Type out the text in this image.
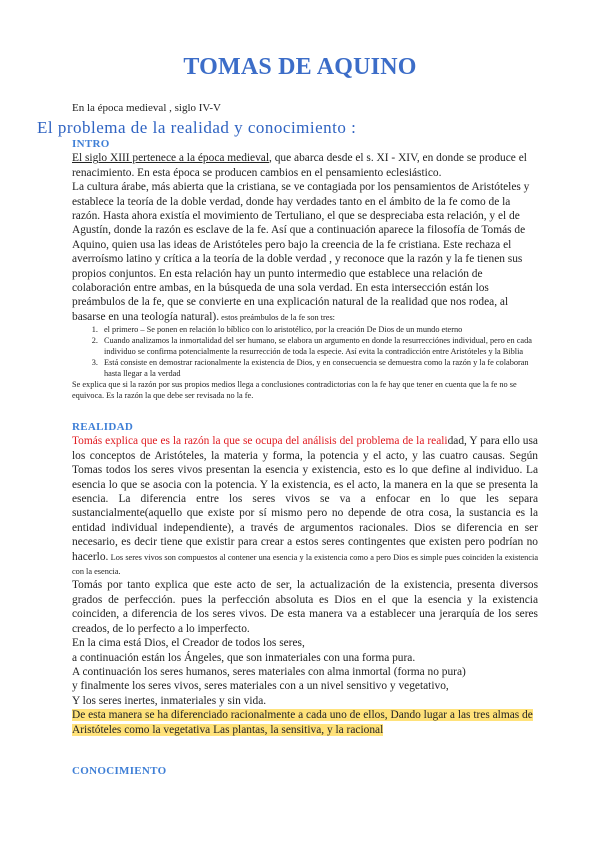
TOMAS DE AQUINO
En la época medieval , siglo IV-V
El problema de la realidad y conocimiento :
INTRO

El siglo XIII pertenece a la época medieval, que abarca desde el s. XI - XIV, en donde se produce el renacimiento. En esta época se producen cambios en el pensamiento eclesiástico.

La cultura árabe, más abierta que la cristiana, se ve contagiada por los pensamientos de Aristóteles y establece la teoría de la doble verdad, donde hay verdades tanto en el ámbito de la fe como de la razón. Hasta ahora existía el movimiento de Tertuliano, el que se despreciaba esta relación, y el de Agustín, donde la razón es esclave de la fe. Así que a continuación aparece la filosofía de Tomás de Aquino, quien usa las ideas de Aristóteles pero bajo la creencia de la fe cristiana. Este rechaza el averroísmo latino y crítica a la teoría de la doble verdad , y reconoce que la razón y la fe tienen sus propios conjuntos. En esta relación hay un punto intermedio que establece una relación de colaboración entre ambas, en la búsqueda de una sola verdad. En esta intersección están los preámbulos de la fe, que se convierte en una explicación natural de la realidad que nos rodea, al basarse en una teología natural). estos preámbulos de la fe son tres:

1. el primero – Se ponen en relación lo bíblico con lo aristotélico, por la creación De Dios de un mundo eterno
2. Cuando analizamos la inmortalidad del ser humano, se elabora un argumento en donde la resurrecciónes individual, pero en cada individuo se confirma potencialmente la resurrección de toda la especie. Así evita la contradicción entre Aristóteles y la Biblia
3. Está consiste en demostrar racionalmente la existencia de Dios, y en consecuencia se demuestra como la razón y la fe colaboran hasta llegar a la verdad

Se explica que si la razón por sus propios medios llega a conclusiones contradictorias con la fe hay que tener en cuenta que la fe no se equivoca. Es la razón la que debe ser revisada no la fe.

REALIDAD

Tomás explica que es la razón la que se ocupa del análisis del problema de la realidad, Y para ello usa los conceptos de Aristóteles, la materia y forma, la potencia y el acto, y las cuatro causas. Según Tomas todos los seres vivos presentan la esencia y existencia, esto es lo que define al individuo. La esencia lo que se asocia con la potencia. Y la existencia, es el acto, la manera en la que se presenta la esencia. La diferencia entre los seres vivos se va a enfocar en lo que les separa sustancialmente(aquello que existe por sí mismo pero no depende de otra cosa, la sustancia es la entidad individual independiente), a través de argumentos racionales. Dios se diferencia en ser necesario, es decir tiene que existir para crear a estos seres contingentes que existen pero podrían no hacerlo. Los seres vivos son compuestos al contener una esencia y la existencia como a pero Dios es simple pues coinciden la existencia con la esencia.

Tomás por tanto explica que este acto de ser, la actualización de la existencia, presenta diversos grados de perfección. pues la perfección absoluta es Dios en el que la esencia y la existencia coinciden, a diferencia de los seres vivos. De esta manera va a establecer una jerarquía de los seres creados, de lo perfecto a lo imperfecto.

En la cima está Dios, el Creador de todos los seres,

a continuación están los Ángeles, que son inmateriales con una forma pura.

A continuación los seres humanos, seres materiales con alma inmortal (forma no pura)

y finalmente los seres vivos, seres materiales con a un nivel sensitivo y vegetativo,

Y los seres inertes, inmateriales y sin vida.

De esta manera se ha diferenciado racionalmente a cada uno de ellos, Dando lugar a las tres almas de Aristóteles como la vegetativa Las plantas, la sensitiva, y la racional

CONOCIMIENTO
